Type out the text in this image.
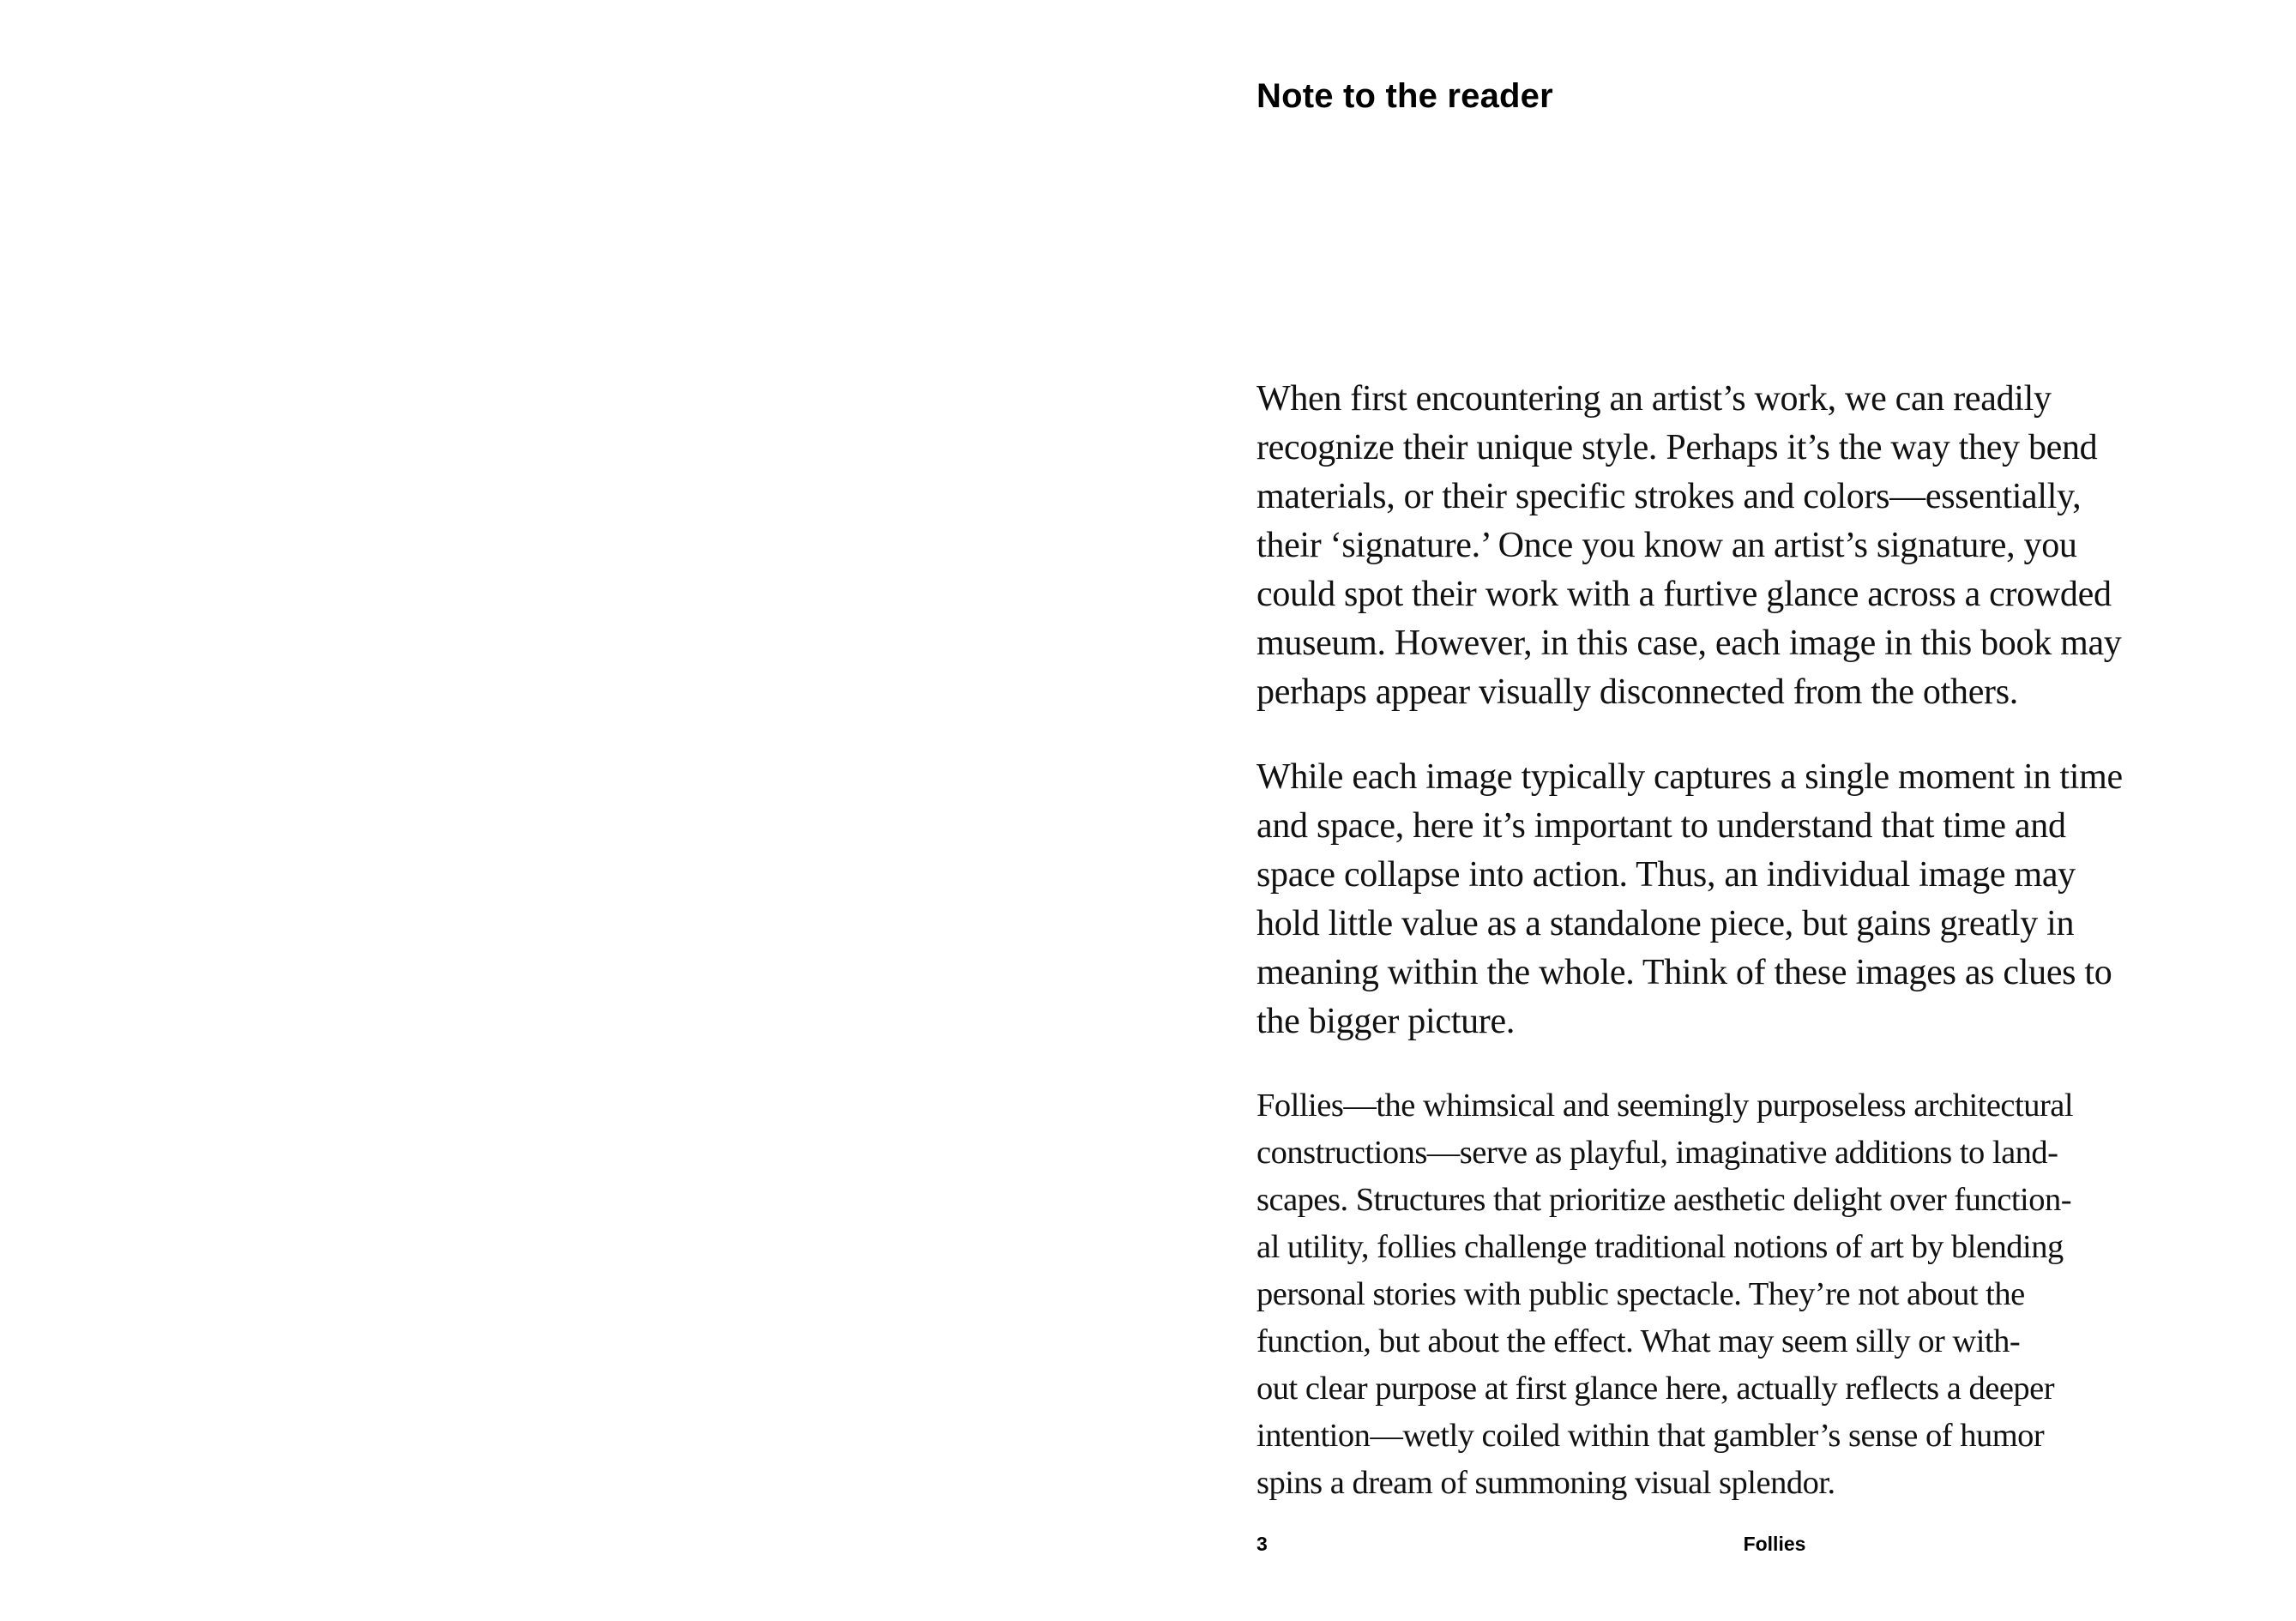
Note to the reader
When first encountering an artist’s work, we can readily
recognize their unique style. Perhaps it’s the way they bend
materials, or their specific strokes and colors—essentially,
their ‘signature.’ Once you know an artist’s signature, you
could spot their work with a furtive glance across a crowded
museum. However, in this case, each image in this book may
perhaps appear visually disconnected from the others.
While each image typically captures a single moment in time
and space, here it’s important to understand that time and
space collapse into action. Thus, an individual image may
hold little value as a standalone piece, but gains greatly in
meaning within the whole. Think of these images as clues to
the bigger picture.
Follies—the whimsical and seemingly purposeless architectural
constructions—serve as playful, imaginative additions to land-
scapes. Structures that prioritize aesthetic delight over function-
al utility, follies challenge traditional notions of art by blending
personal stories with public spectacle. They’re not about the
function, but about the effect. What may seem silly or with-
out clear purpose at first glance here, actually reflects a deeper
intention—wetly coiled within that gambler’s sense of humor
spins a dream of summoning visual splendor.
3	Follies
